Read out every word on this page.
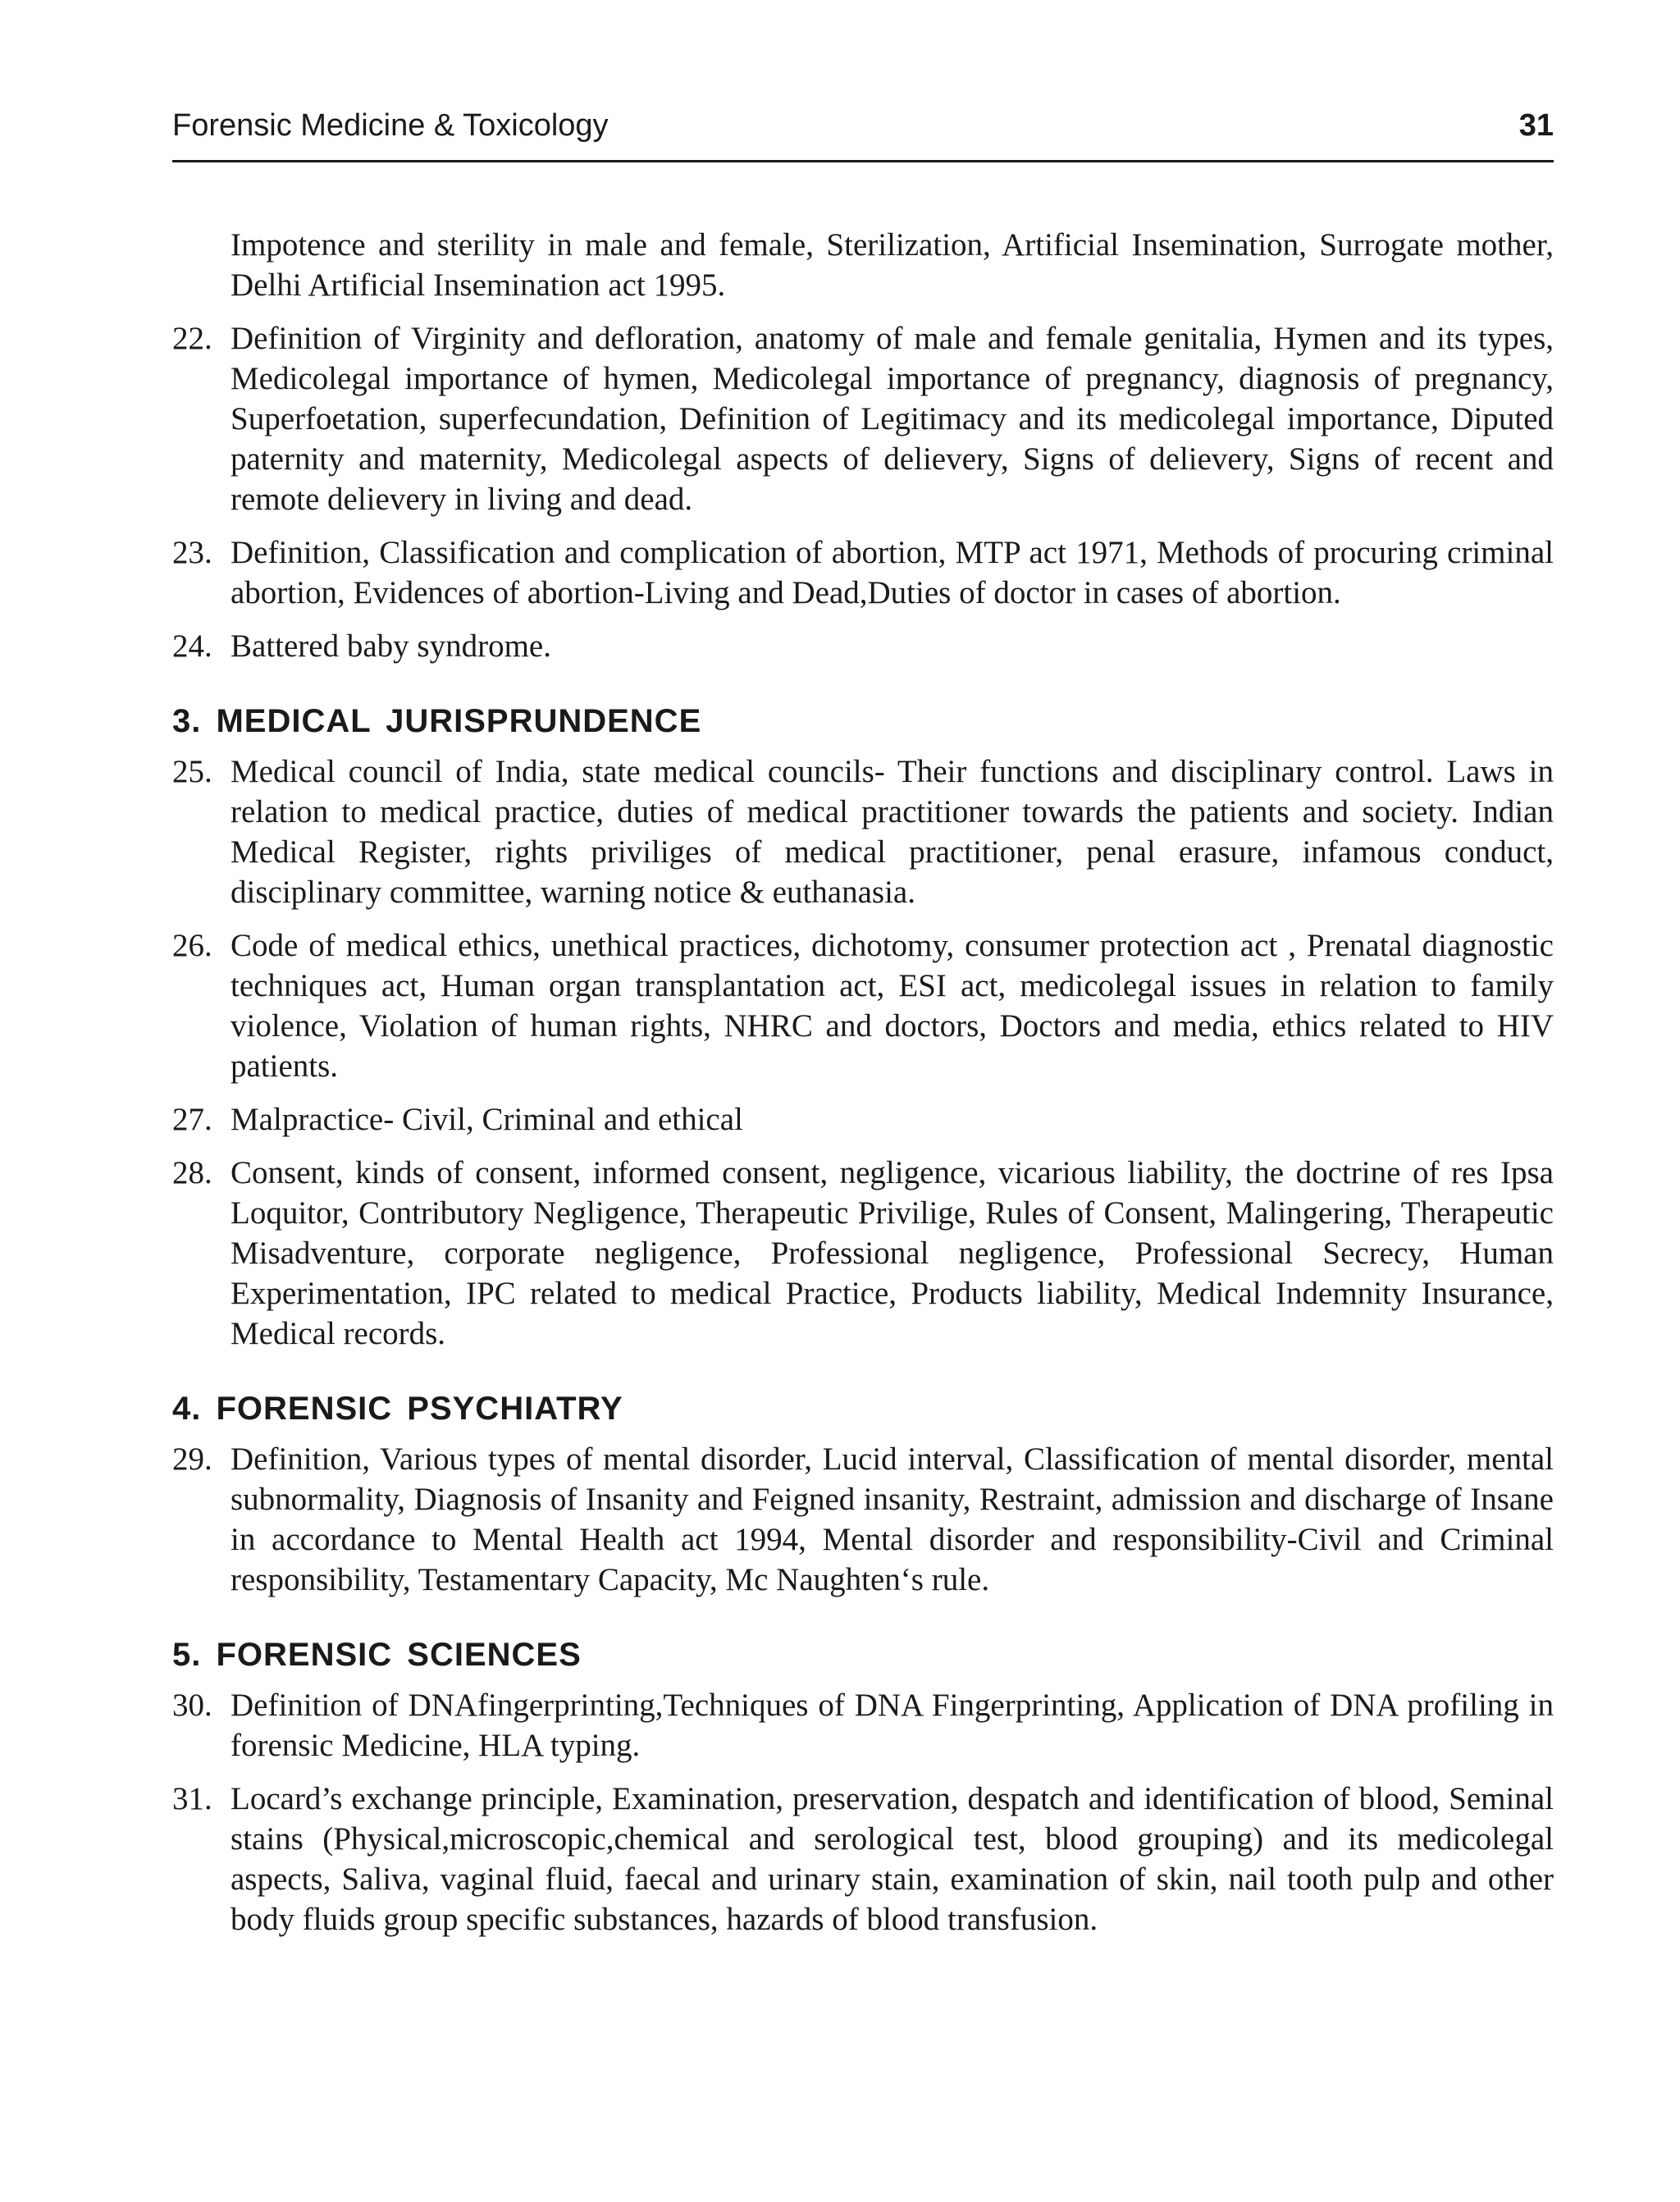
Forensic Medicine & Toxicology	31

Impotence and sterility in male and female, Sterilization, Artificial Insemination, Surrogate mother, Delhi Artificial Insemination act 1995.

22. Definition of Virginity and defloration, anatomy of male and female genitalia, Hymen and its types, Medicolegal importance of hymen, Medicolegal importance of pregnancy, diagnosis of pregnancy, Superfoetation, superfecundation, Definition of Legitimacy and its medicolegal importance, Diputed paternity and maternity, Medicolegal aspects of delievery, Signs of delievery, Signs of recent and remote delievery in living and dead.
23. Definition, Classification and complication of abortion, MTP act 1971, Methods of procuring criminal abortion, Evidences of abortion-Living and Dead,Duties of doctor in cases of abortion.
24. Battered baby syndrome.
3. MEDICAL JURISPRUNDENCE
25. Medical council of India, state medical councils- Their functions and disciplinary control. Laws in relation to medical practice, duties of medical practitioner towards the patients and society. Indian Medical Register, rights priviliges of medical practitioner, penal erasure, infamous conduct, disciplinary committee, warning notice & euthanasia.
26. Code of medical ethics, unethical practices, dichotomy, consumer protection act , Prenatal diagnostic techniques act, Human organ transplantation act, ESI act, medicolegal issues in relation to family violence, Violation of human rights, NHRC and doctors, Doctors and media, ethics related to HIV patients.
27. Malpractice- Civil, Criminal and ethical
28. Consent, kinds of consent, informed consent, negligence, vicarious liability, the doctrine of res Ipsa Loquitor, Contributory Negligence, Therapeutic Privilige, Rules of Consent, Malingering, Therapeutic Misadventure, corporate negligence, Professional negligence, Professional Secrecy, Human Experimentation, IPC related to medical Practice, Products liability, Medical Indemnity Insurance, Medical records.
4. FORENSIC PSYCHIATRY
29. Definition, Various types of mental disorder, Lucid interval, Classification of mental disorder, mental subnormality, Diagnosis of Insanity and Feigned insanity, Restraint, admission and discharge of Insane in accordance to Mental Health act 1994, Mental disorder and responsibility-Civil and Criminal responsibility, Testamentary Capacity, Mc Naughten‘s rule.
5. FORENSIC SCIENCES
30. Definition of DNAfingerprinting,Techniques of DNA Fingerprinting, Application of DNA profiling in forensic Medicine, HLA typing.
31. Locard’s exchange principle, Examination, preservation, despatch and identification of blood, Seminal stains (Physical,microscopic,chemical and serological test, blood grouping) and its medicolegal aspects, Saliva, vaginal fluid, faecal and urinary stain, examination of skin, nail tooth pulp and other body fluids group specific substances, hazards of blood transfusion.
